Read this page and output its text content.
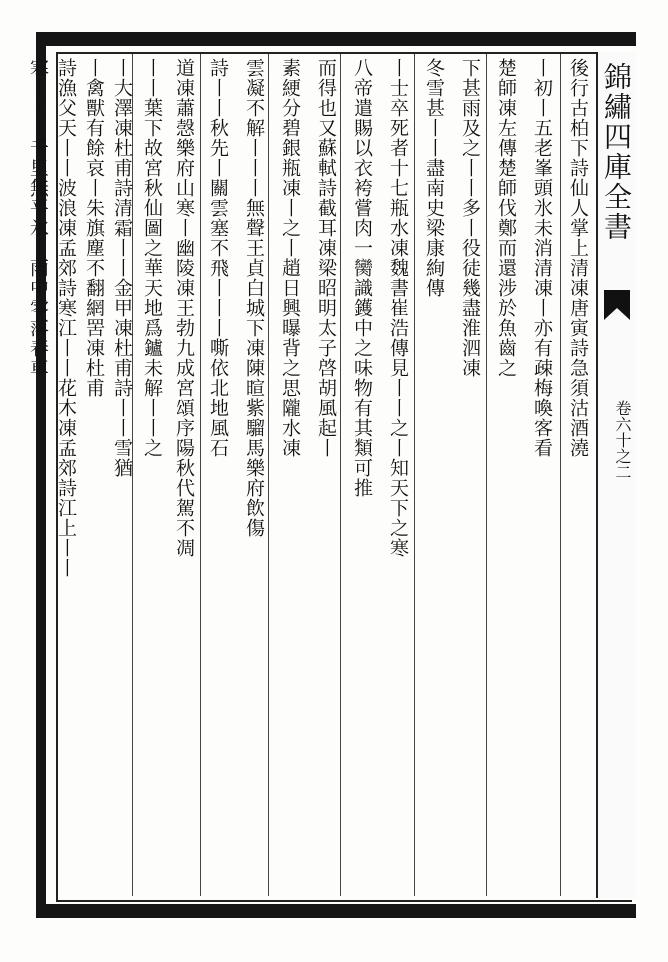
錦繡四庫全書
卷六十之二
後行古柏下詩仙人掌上清凍唐寅詩急須沽酒澆
丨初丨五老峯頭氷未消清凍丨亦有疎梅喚客看
楚師凍左傳楚師伐鄭而還涉於魚齒之
下甚雨及之丨丨多丨役徒幾盡淮泗凍
冬雪甚丨丨盡南史梁康絢傳
丨士卒死者十七瓶水凍魏書崔浩傳見丨丨之丨知天下之寒
八帝遣賜以衣袴嘗肉一臠識鑊中之味物有其類可推
而得也又蘇軾詩截耳凍梁昭明太子啓胡風起丨
素綆分碧銀瓶凍丨之丨趙日興曝背之思隴水凍
雲凝不解丨丨丨無聲王貞白城下凍陳暄紫騮馬樂府飲傷
詩丨丨秋先丨關雲塞不飛丨丨丨嘶依北地風石
道凍蕭愨樂府山寒丨幽陵凍王勃九成宮頌序陽秋代駕不凋
丨丨葉下故宮秋仙圖之華天地爲鑪未解丨丨之
丨大澤凍杜甫詩清霜丨丨金甲凍杜甫詩丨丨雪猶
丨禽獸有餘哀丨朱旗塵不翻網罟凍杜甫
詩漁父天丨丨波浪凍孟郊詩寒江丨丨花木凍孟郊詩江上丨丨
寒丨丨丨千里無平氷丨雨中零落春車
